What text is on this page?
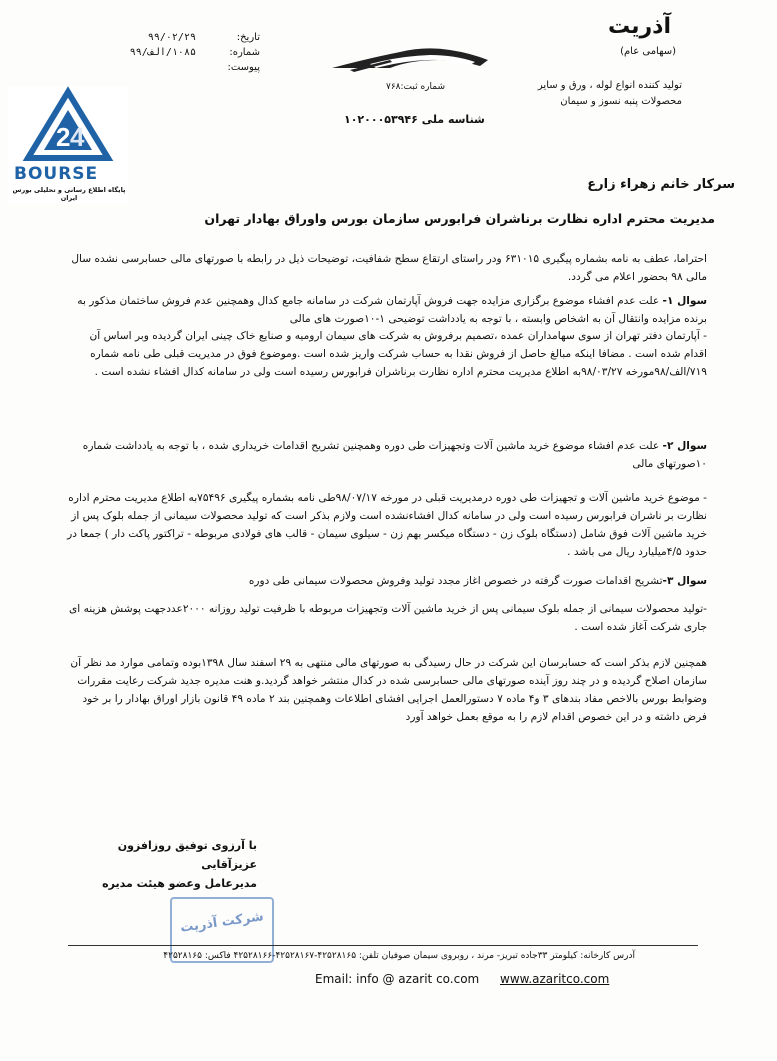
آذریت
(سهامی عام)
تولید کننده انواع لوله ، ورق و سایر
محصولات پنبه نسوز و سیمان
تاریخ:
۹۹/۰۲/۲۹
شماره:
۱۰۸۵/الف/۹۹
پیوست:
شماره ثبت:۷۶۸
شناسه ملی ۱۰۲۰۰۰۵۳۹۴۶
2 4
BOURSE
پایگاه اطلاع رسانی و تحلیلی بورس ایران
سرکار خانم زهراء زارع
مدیریت محترم اداره نظارت برناشران فرابورس سازمان بورس واوراق بهادار تهران
احتراما، عطف به نامه بشماره پیگیری ۶۳۱۰۱۵ ودر راستای ارتقاع سطح شفافیت، توضیحات ذیل در رابطه با صورتهای مالی حسابرسی نشده سال مالی ۹۸ بحضور اعلام می گردد.
سوال ۱- علت عدم افشاء موضوع برگزاری مزایده جهت فروش آپارتمان شرکت در سامانه جامع کدال وهمچنین عدم فروش ساختمان مذکور به برنده مزایده وانتقال آن به اشخاص وابسته ، با توجه به یادداشت توضیحی ۱-۱۰صورت های مالی
- آپارتمان دفتر تهران از سوی سهامداران عمده ،تصمیم برفروش به شرکت های سیمان ارومیه و صنایع خاک چینی ایران گردیده وبر اساس آن اقدام شده است . مضافا اینکه مبالغ حاصل از فروش نقدا به حساب شرکت واریز شده است .وموضوع فوق در مدیریت قبلی طی نامه شماره ۷۱۹/الف/۹۸مورخه ۹۸/۰۳/۲۷به اطلاع مدیریت محترم اداره نظارت برناشران فرابورس رسیده است ولی در سامانه کدال افشاء نشده است .
سوال ۲- علت عدم افشاء موضوع خرید ماشین آلات وتجهیزات طی دوره وهمچنین تشریح اقدامات خریداری شده ، با توجه به یادداشت شماره ۱۰صورتهای مالی
- موضوع خرید ماشین آلات و تجهیزات طی دوره درمدیریت قبلی در مورخه ۹۸/۰۷/۱۷طی نامه بشماره پیگیری ۷۵۴۹۶به اطلاع مدیریت محترم اداره نظارت بر ناشران فرابورس رسیده است ولی در سامانه کدال افشاءنشده است ولازم بذکر است که تولید محصولات سیمانی از جمله بلوک پس از خرید ماشین آلات فوق شامل (دستگاه بلوک زن - دستگاه میکسر بهم زن - سیلوی سیمان - قالب های فولادی مربوطه - تراکتور پاکت دار ) جمعا در حدود ۴/۵میلیارد ریال می باشد .
سوال ۳-تشریح اقدامات صورت گرفته در خصوص اغاز مجدد تولید وفروش محصولات سیمانی طی دوره
-تولید محصولات سیمانی از جمله بلوک سیمانی پس از خرید ماشین آلات وتجهیزات مربوطه با ظرفیت تولید روزانه ۲۰۰۰عددجهت پوشش هزینه ای جاری شرکت آغاز شده است .
همچنین لازم بذکر است که حسابرسان این شرکت در حال رسیدگی به صورتهای مالی منتهی به ۲۹ اسفند سال ۱۳۹۸بوده وتمامی موارد مد نظر آن سازمان اصلاح گردیده و در چند روز آینده صورتهای مالی حسابرسی شده در کدال منتشر خواهد گردید.و هنت مدیره جدید شرکت رعایت مقررات وضوابط بورس بالاخص مفاد بندهای ۳ و۴ ماده ۷ دستورالعمل اجرایی افشای اطلاعات وهمچنین بند ۲ ماده ۴۹ قانون بازار اوراق بهادار را بر خود فرض داشته و در این خصوص اقدام لازم را به موقع بعمل خواهد آورد
با آرزوی توفیق روزافزون
عزیزآقایی
مدیرعامل وعضو هیئت مدیره
شرکت آذریت
آدرس کارخانه: کیلومتر ۳۳جاده تبریز- مرند ، روبروی سیمان صوفیان تلفن: ۴۲۵۲۸۱۶۵-۴۲۵۲۸۱۶۷-۴۲۵۲۸۱۶۶ فاکس: ۴۲۵۲۸۱۶۵
Email: info @ azarit co.com www.azaritco.com
